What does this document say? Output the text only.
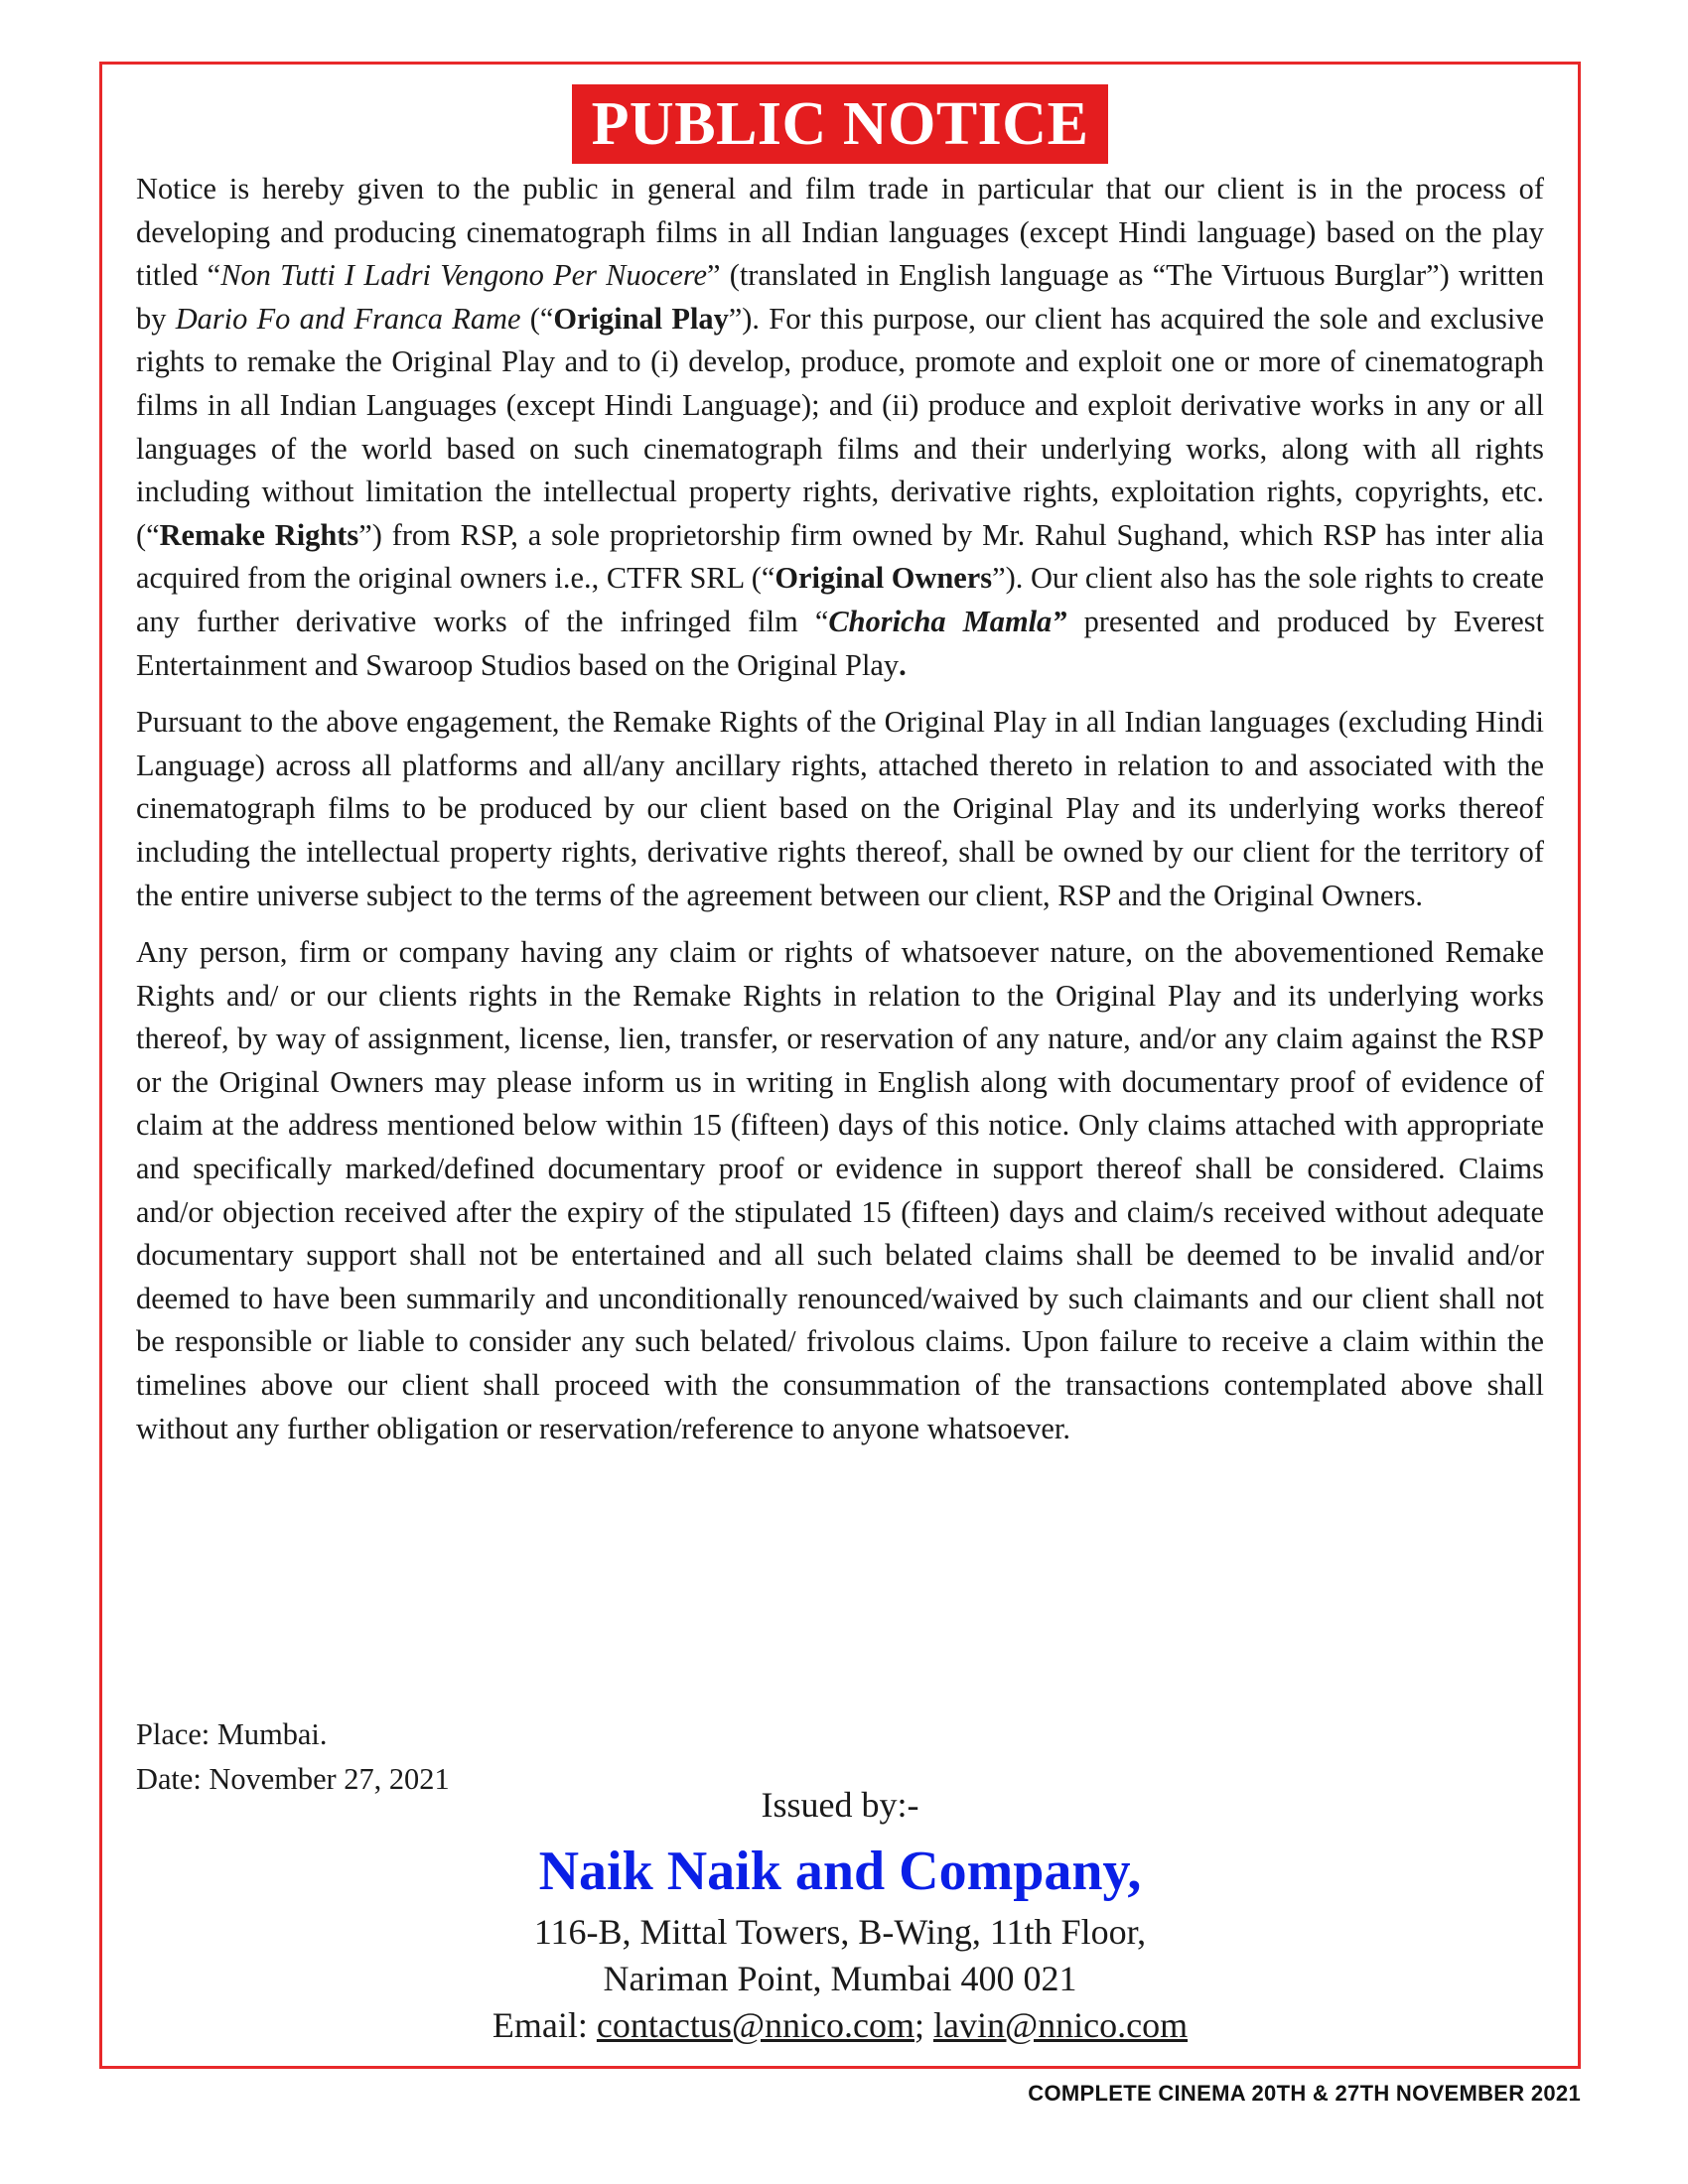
PUBLIC NOTICE

Notice is hereby given to the public in general and film trade in particular that our client is in the process of developing and producing cinematograph films in all Indian languages (except Hindi language) based on the play titled “Non Tutti I Ladri Vengono Per Nuocere” (translated in English language as “The Virtuous Burglar”) written by Dario Fo and Franca Rame (“Original Play”). For this purpose, our client has acquired the sole and exclusive rights to remake the Original Play and to (i) develop, produce, promote and exploit one or more of cinematograph films in all Indian Languages (except Hindi Language); and (ii) produce and exploit derivative works in any or all languages of the world based on such cinematograph films and their underlying works, along with all rights including without limitation the intellectual property rights, derivative rights, exploitation rights, copyrights, etc. (“Remake Rights”) from RSP, a sole proprietorship firm owned by Mr. Rahul Sughand, which RSP has inter alia acquired from the original owners i.e., CTFR SRL (“Original Owners”). Our client also has the sole rights to create any further derivative works of the infringed film “Choricha Mamla” presented and produced by Everest Entertainment and Swaroop Studios based on the Original Play.

Pursuant to the above engagement, the Remake Rights of the Original Play in all Indian languages (excluding Hindi Language) across all platforms and all/any ancillary rights, attached thereto in relation to and associated with the cinematograph films to be produced by our client based on the Original Play and its underlying works thereof including the intellectual property rights, derivative rights thereof, shall be owned by our client for the territory of the entire universe subject to the terms of the agreement between our client, RSP and the Original Owners.

Any person, firm or company having any claim or rights of whatsoever nature, on the abovementioned Remake Rights and/ or our clients rights in the Remake Rights in relation to the Original Play and its underlying works thereof, by way of assignment, license, lien, transfer, or reservation of any nature, and/or any claim against the RSP or the Original Owners may please inform us in writing in English along with documentary proof of evidence of claim at the address mentioned below within 15 (fifteen) days of this notice. Only claims attached with appropriate and specifically marked/defined documentary proof or evidence in support thereof shall be considered. Claims and/or objection received after the expiry of the stipulated 15 (fifteen) days and claim/s received without adequate documentary support shall not be entertained and all such belated claims shall be deemed to be invalid and/or deemed to have been summarily and unconditionally renounced/waived by such claimants and our client shall not be responsible or liable to consider any such belated/ frivolous claims. Upon failure to receive a claim within the timelines above our client shall proceed with the consummation of the transactions contemplated above shall without any further obligation or reservation/reference to anyone whatsoever.

Place: Mumbai.
Date: November 27, 2021
Issued by:-
Naik Naik and Company,
116-B, Mittal Towers, B-Wing, 11th Floor,
Nariman Point, Mumbai 400 021
Email: contactus@nnico.com; lavin@nnico.com
COMPLETE CINEMA 20TH & 27TH NOVEMBER 2021
